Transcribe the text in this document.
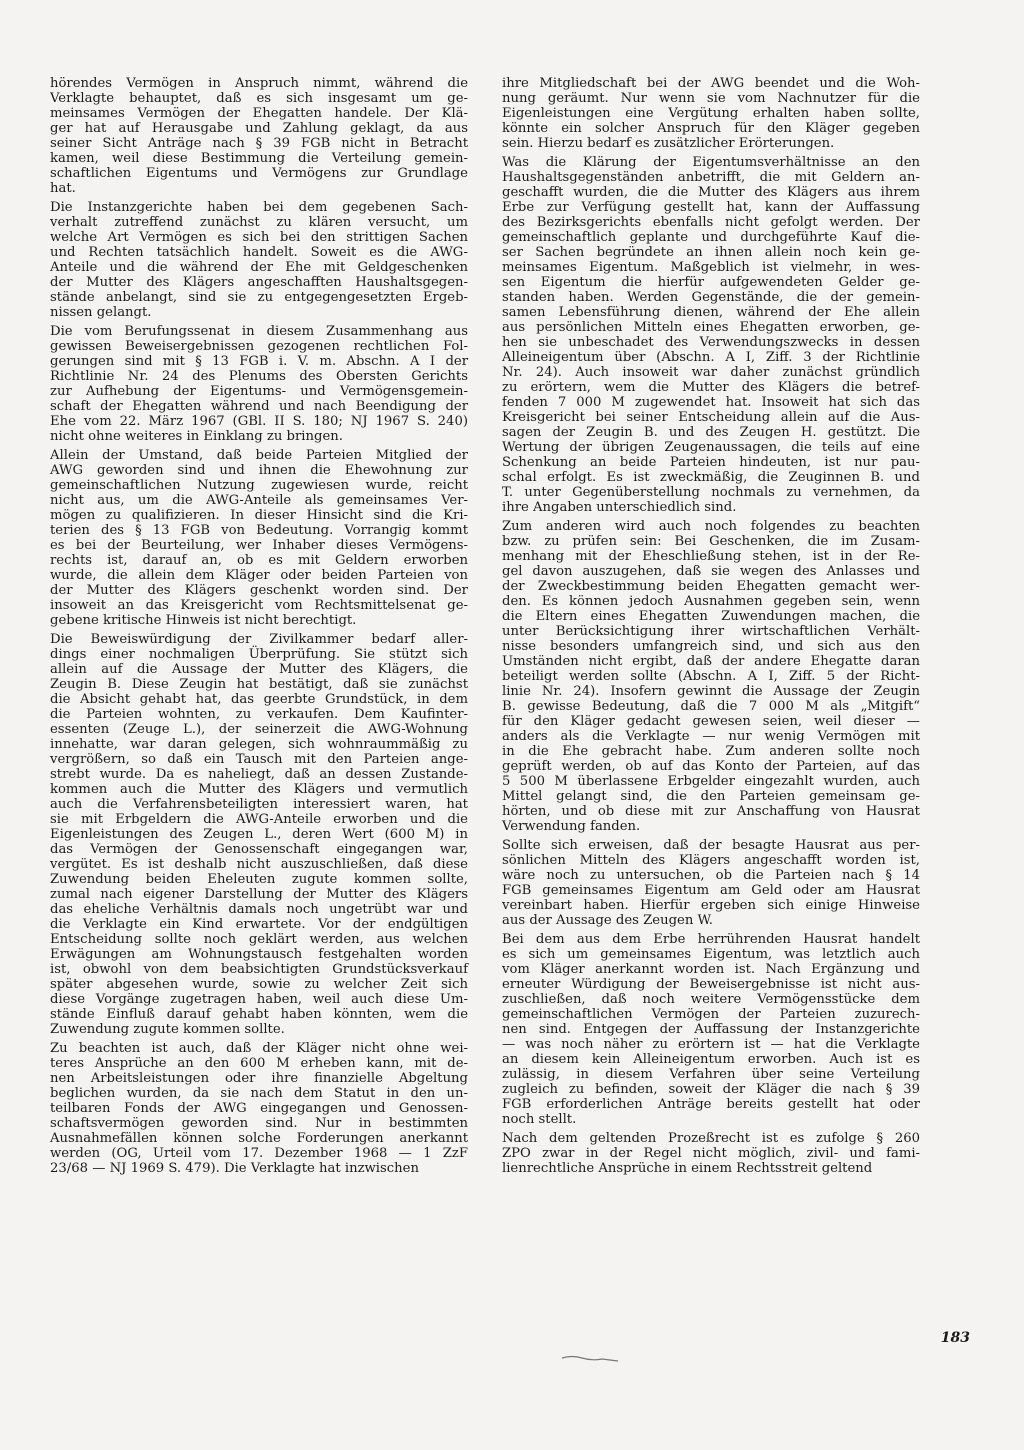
hörendes Vermögen in Anspruch nimmt, während die
Verklagte behauptet, daß es sich insgesamt um ge-
meinsames Vermögen der Ehegatten handele. Der Klä-
ger hat auf Herausgabe und Zahlung geklagt, da aus
seiner Sicht Anträge nach § 39 FGB nicht in Betracht
kamen, weil diese Bestimmung die Verteilung gemein-
schaftlichen Eigentums und Vermögens zur Grundlage
hat.
Die Instanzgerichte haben bei dem gegebenen Sach-
verhalt zutreffend zunächst zu klären versucht, um
welche Art Vermögen es sich bei den strittigen Sachen
und Rechten tatsächlich handelt. Soweit es die AWG-
Anteile und die während der Ehe mit Geldgeschenken
der Mutter des Klägers angeschafften Haushaltsgegen-
stände anbelangt, sind sie zu entgegengesetzten Ergeb-
nissen gelangt.
Die vom Berufungssenat in diesem Zusammenhang aus
gewissen Beweisergebnissen gezogenen rechtlichen Fol-
gerungen sind mit § 13 FGB i. V. m. Abschn. A I der
Richtlinie Nr. 24 des Plenums des Obersten Gerichts
zur Aufhebung der Eigentums- und Vermögensgemein-
schaft der Ehegatten während und nach Beendigung der
Ehe vom 22. März 1967 (GBl. II S. 180; NJ 1967 S. 240)
nicht ohne weiteres in Einklang zu bringen.
Allein der Umstand, daß beide Parteien Mitglied der
AWG geworden sind und ihnen die Ehewohnung zur
gemeinschaftlichen Nutzung zugewiesen wurde, reicht
nicht aus, um die AWG-Anteile als gemeinsames Ver-
mögen zu qualifizieren. In dieser Hinsicht sind die Kri-
terien des § 13 FGB von Bedeutung. Vorrangig kommt
es bei der Beurteilung, wer Inhaber dieses Vermögens-
rechts ist, darauf an, ob es mit Geldern erworben
wurde, die allein dem Kläger oder beiden Parteien von
der Mutter des Klägers geschenkt worden sind. Der
insoweit an das Kreisgericht vom Rechtsmittelsenat ge-
gebene kritische Hinweis ist nicht berechtigt.
Die Beweiswürdigung der Zivilkammer bedarf aller-
dings einer nochmaligen Überprüfung. Sie stützt sich
allein auf die Aussage der Mutter des Klägers, die
Zeugin B. Diese Zeugin hat bestätigt, daß sie zunächst
die Absicht gehabt hat, das geerbte Grundstück, in dem
die Parteien wohnten, zu verkaufen. Dem Kaufinter-
essenten (Zeuge L.), der seinerzeit die AWG-Wohnung
innehatte, war daran gelegen, sich wohnraummäßig zu
vergrößern, so daß ein Tausch mit den Parteien ange-
strebt wurde. Da es naheliegt, daß an dessen Zustande-
kommen auch die Mutter des Klägers und vermutlich
auch die Verfahrensbeteiligten interessiert waren, hat
sie mit Erbgeldern die AWG-Anteile erworben und die
Eigenleistungen des Zeugen L., deren Wert (600 M) in
das Vermögen der Genossenschaft eingegangen war,
vergütet. Es ist deshalb nicht auszuschließen, daß diese
Zuwendung beiden Eheleuten zugute kommen sollte,
zumal nach eigener Darstellung der Mutter des Klägers
das eheliche Verhältnis damals noch ungetrübt war und
die Verklagte ein Kind erwartete. Vor der endgültigen
Entscheidung sollte noch geklärt werden, aus welchen
Erwägungen am Wohnungstausch festgehalten worden
ist, obwohl von dem beabsichtigten Grundstücksverkauf
später abgesehen wurde, sowie zu welcher Zeit sich
diese Vorgänge zugetragen haben, weil auch diese Um-
stände Einfluß darauf gehabt haben könnten, wem die
Zuwendung zugute kommen sollte.
Zu beachten ist auch, daß der Kläger nicht ohne wei-
teres Ansprüche an den 600 M erheben kann, mit de-
nen Arbeitsleistungen oder ihre finanzielle Abgeltung
beglichen wurden, da sie nach dem Statut in den un-
teilbaren Fonds der AWG eingegangen und Genossen-
schaftsvermögen geworden sind. Nur in bestimmten
Ausnahmefällen können solche Forderungen anerkannt
werden (OG, Urteil vom 17. Dezember 1968 — 1 ZzF
23/68 — NJ 1969 S. 479). Die Verklagte hat inzwischen
ihre Mitgliedschaft bei der AWG beendet und die Woh-
nung geräumt. Nur wenn sie vom Nachnutzer für die
Eigenleistungen eine Vergütung erhalten haben sollte,
könnte ein solcher Anspruch für den Kläger gegeben
sein. Hierzu bedarf es zusätzlicher Erörterungen.
Was die Klärung der Eigentumsverhältnisse an den
Haushaltsgegenständen anbetrifft, die mit Geldern an-
geschafft wurden, die die Mutter des Klägers aus ihrem
Erbe zur Verfügung gestellt hat, kann der Auffassung
des Bezirksgerichts ebenfalls nicht gefolgt werden. Der
gemeinschaftlich geplante und durchgeführte Kauf die-
ser Sachen begründete an ihnen allein noch kein ge-
meinsames Eigentum. Maßgeblich ist vielmehr, in wes-
sen Eigentum die hierfür aufgewendeten Gelder ge-
standen haben. Werden Gegenstände, die der gemein-
samen Lebensführung dienen, während der Ehe allein
aus persönlichen Mitteln eines Ehegatten erworben, ge-
hen sie unbeschadet des Verwendungszwecks in dessen
Alleineigentum über (Abschn. A I, Ziff. 3 der Richtlinie
Nr. 24). Auch insoweit war daher zunächst gründlich
zu erörtern, wem die Mutter des Klägers die betref-
fenden 7 000 M zugewendet hat. Insoweit hat sich das
Kreisgericht bei seiner Entscheidung allein auf die Aus-
sagen der Zeugin B. und des Zeugen H. gestützt. Die
Wertung der übrigen Zeugenaussagen, die teils auf eine
Schenkung an beide Parteien hindeuten, ist nur pau-
schal erfolgt. Es ist zweckmäßig, die Zeuginnen B. und
T. unter Gegenüberstellung nochmals zu vernehmen, da
ihre Angaben unterschiedlich sind.
Zum anderen wird auch noch folgendes zu beachten
bzw. zu prüfen sein: Bei Geschenken, die im Zusam-
menhang mit der Eheschließung stehen, ist in der Re-
gel davon auszugehen, daß sie wegen des Anlasses und
der Zweckbestimmung beiden Ehegatten gemacht wer-
den. Es können jedoch Ausnahmen gegeben sein, wenn
die Eltern eines Ehegatten Zuwendungen machen, die
unter Berücksichtigung ihrer wirtschaftlichen Verhält-
nisse besonders umfangreich sind, und sich aus den
Umständen nicht ergibt, daß der andere Ehegatte daran
beteiligt werden sollte (Abschn. A I, Ziff. 5 der Richt-
linie Nr. 24). Insofern gewinnt die Aussage der Zeugin
B. gewisse Bedeutung, daß die 7 000 M als „Mitgift“
für den Kläger gedacht gewesen seien, weil dieser —
anders als die Verklagte — nur wenig Vermögen mit
in die Ehe gebracht habe. Zum anderen sollte noch
geprüft werden, ob auf das Konto der Parteien, auf das
5 500 M überlassene Erbgelder eingezahlt wurden, auch
Mittel gelangt sind, die den Parteien gemeinsam ge-
hörten, und ob diese mit zur Anschaffung von Hausrat
Verwendung fanden.
Sollte sich erweisen, daß der besagte Hausrat aus per-
sönlichen Mitteln des Klägers angeschafft worden ist,
wäre noch zu untersuchen, ob die Parteien nach § 14
FGB gemeinsames Eigentum am Geld oder am Hausrat
vereinbart haben. Hierfür ergeben sich einige Hinweise
aus der Aussage des Zeugen W.
Bei dem aus dem Erbe herrührenden Hausrat handelt
es sich um gemeinsames Eigentum, was letztlich auch
vom Kläger anerkannt worden ist. Nach Ergänzung und
erneuter Würdigung der Beweisergebnisse ist nicht aus-
zuschließen, daß noch weitere Vermögensstücke dem
gemeinschaftlichen Vermögen der Parteien zuzurech-
nen sind. Entgegen der Auffassung der Instanzgerichte
— was noch näher zu erörtern ist — hat die Verklagte
an diesem kein Alleineigentum erworben. Auch ist es
zulässig, in diesem Verfahren über seine Verteilung
zugleich zu befinden, soweit der Kläger die nach § 39
FGB erforderlichen Anträge bereits gestellt hat oder
noch stellt.
Nach dem geltenden Prozeßrecht ist es zufolge § 260
ZPO zwar in der Regel nicht möglich, zivil- und fami-
lienrechtliche Ansprüche in einem Rechtsstreit geltend
183
